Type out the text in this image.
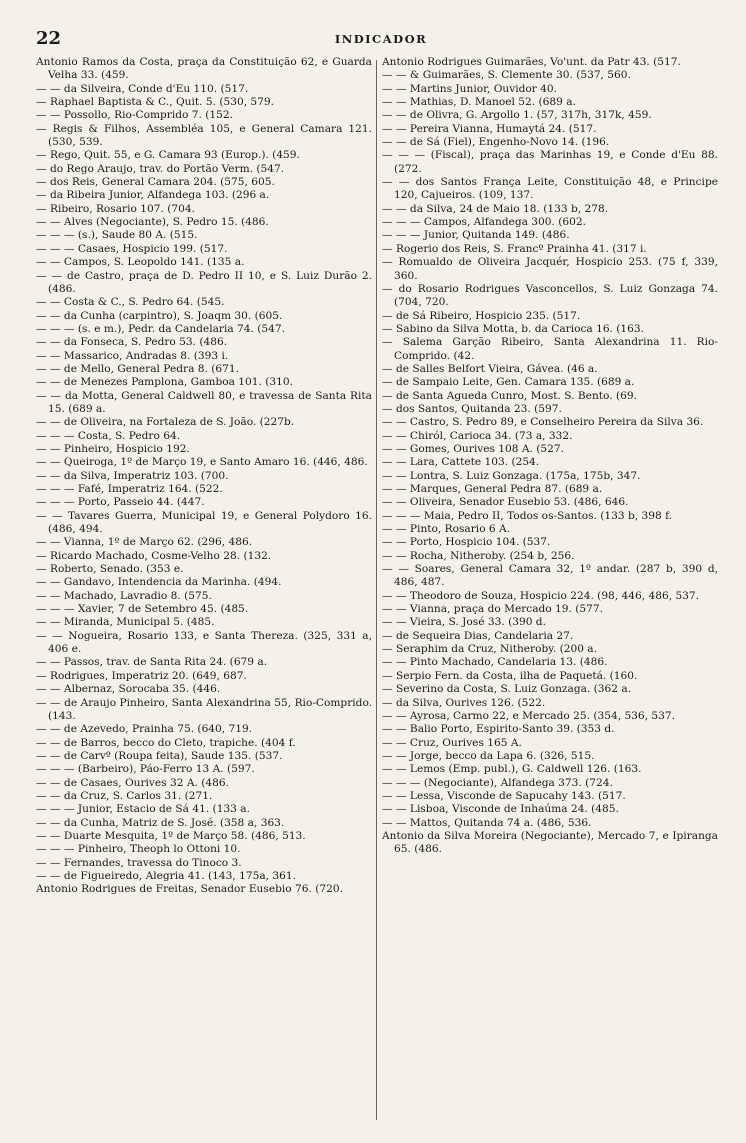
22	INDICADOR

Antonio Ramos da Costa, praça da Constituição 62, e Guarda Velha 33. (459.

— — da Silveira, Conde d'Eu 110. (517.

— Raphael Baptista & C., Quit. 5. (530, 579.

— — Possollo, Rio-Comprido 7. (152.

— Regis & Filhos, Assembléa 105, e General Camara 121. (530, 539.

— Rego, Quit. 55, e G. Camara 93 (Europ.). (459.

— do Rego Araujo, trav. do Portão Verm. (547.

— dos Reis, General Camara 204. (575, 605.

— da Ribeira Junior, Alfandega 103. (296 a.

— Ribeiro, Rosario 107. (704.

— — Alves (Negociante), S. Pedro 15. (486.

— — — (s.), Saude 80 A. (515.

— — — Casaes, Hospicio 199. (517.

— — Campos, S. Leopoldo 141. (135 a.

— — de Castro, praça de D. Pedro II 10, e S. Luiz Durão 2. (486.

— — Costa & C., S. Pedro 64. (545.

— — da Cunha (carpintro), S. Joaqm 30. (605.

— — — (s. e m.), Pedr. da Candelaria 74. (547.

— — da Fonseca, S. Pedro 53. (486.

— — Massarico, Andradas 8. (393 i.

— — de Mello, General Pedra 8. (671.

— — de Menezes Pamplona, Gamboa 101. (310.

— — da Motta, General Caldwell 80, e travessa de Santa Rita 15. (689 a.

— — de Oliveira, na Fortaleza de S. João. (227b.

— — — Costa, S. Pedro 64.

— — Pinheiro, Hospicio 192.

— — Queiroga, 1º de Março 19, e Santo Amaro 16. (446, 486.

— — da Silva, Imperatriz 103. (700.

— — — Fafé, Imperatriz 164. (522.

— — — Porto, Passeio 44. (447.

— — Tavares Guerra, Municipal 19, e General Polydoro 16. (486, 494.

— — Vianna, 1º de Março 62. (296, 486.

— Ricardo Machado, Cosme-Velho 28. (132.

— Roberto, Senado. (353 e.

— — Gandavo, Intendencia da Marinha. (494.

— — Machado, Lavradio 8. (575.

— — — Xavier, 7 de Setembro 45. (485.

— — Miranda, Municipal 5. (485.

— — Nogueira, Rosario 133, e Santa Thereza. (325, 331 a, 406 e.

— — Passos, trav. de Santa Rita 24. (679 a.

— Rodrigues, Imperatriz 20. (649, 687.

— — Albernaz, Sorocaba 35. (446.

— — de Araujo Pinheiro, Santa Alexandrina 55, Rio-Comprido. (143.

— — de Azevedo, Prainha 75. (640, 719.

— — de Barros, becco do Cleto, trapiche. (404 f.

— — de Carvº (Roupa feita), Saude 135. (537.

— — — (Barbeiro), Páo-Ferro 13 A. (597.

— — de Casaes, Ourives 32 A. (486.

— — da Cruz, S. Carlos 31. (271.

— — — Junior, Estacio de Sá 41. (133 a.

— — da Cunha, Matriz de S. José. (358 a, 363.

— — Duarte Mesquita, 1º de Março 58. (486, 513.

— — — Pinheiro, Theoph lo Ottoni 10.

— — Fernandes, travessa do Tinoco 3.

— — de Figueiredo, Alegria 41. (143, 175a, 361.

Antonio Rodrigues de Freitas, Senador Eusebio 76. (720.

Antonio Rodrigues Guimarães, Vo'unt. da Patr 43. (517.

— — & Guimarães, S. Clemente 30. (537, 560.

— — Martins Junior, Ouvidor 40.

— — Mathias, D. Manoel 52. (689 a.

— — de Olivra, G. Argollo 1. (57, 317h, 317k, 459.

— — Pereira Vianna, Humaytá 24. (517.

— — de Sá (Fiel), Engenho-Novo 14. (196.

— — — (Fiscal), praça das Marinhas 19, e Conde d'Eu 88. (272.

— — dos Santos França Leite, Constituição 48, e Principe 120, Cajueiros. (109, 137.

— — da Silva, 24 de Maio 18. (133 b, 278.

— — — Campos, Alfandega 300. (602.

— — — Junior, Quitanda 149. (486.

— Rogerio dos Reis, S. Francº Prainha 41. (317 i.

— Romualdo de Oliveira Jacquér, Hospicio 253. (75 f, 339, 360.

— do Rosario Rodrigues Vasconcellos, S. Luiz Gonzaga 74. (704, 720.

— de Sá Ribeiro, Hospicio 235. (517.

— Sabino da Silva Motta, b. da Carioca 16. (163.

— Salema Garção Ribeiro, Santa Alexandrina 11. Rio-Comprido. (42.

— de Salles Belfort Vieira, Gávea. (46 a.

— de Sampaio Leite, Gen. Camara 135. (689 a.

— de Santa Agueda Cunro, Most. S. Bento. (69.

— dos Santos, Quitanda 23. (597.

— — Castro, S. Pedro 89, e Conselheiro Pereira da Silva 36.

— — Chiról, Carioca 34. (73 a, 332.

— — Gomes, Ourives 108 A. (527.

— — Lara, Cattete 103. (254.

— — Lontra, S. Luiz Gonzaga. (175a, 175b, 347.

— — Marques, General Pedra 87. (689 a.

— — Oliveira, Senador Eusebio 53. (486, 646.

— — — Maia, Pedro II, Todos os-Santos. (133 b, 398 f.

— — Pinto, Rosario 6 A.

— — Porto, Hospicio 104. (537.

— — Rocha, Nitheroby. (254 b, 256.

— — Soares, General Camara 32, 1º andar. (287 b, 390 d, 486, 487.

— — Theodoro de Souza, Hospicio 224. (98, 446, 486, 537.

— — Vianna, praça do Mercado 19. (577.

— — Vieira, S. José 33. (390 d.

— de Sequeira Dias, Candelaria 27.

— Seraphim da Cruz, Nitheroby. (200 a.

— — Pinto Machado, Candelaria 13. (486.

— Serpio Fern. da Costa, ilha de Paquetá. (160.

— Severino da Costa, S. Luiz Gonzaga. (362 a.

— da Silva, Ourives 126. (522.

— — Ayrosa, Carmo 22, e Mercado 25. (354, 536, 537.

— — Balio Porto, Espirito-Santo 39. (353 d.

— — Cruz, Ourives 165 A.

— — Jorge, becco da Lapa 6. (326, 515.

— — Lemos (Emp. publ.), G. Caldwell 126. (163.

— — — (Negociante), Alfandega 373. (724.

— — Lessa, Visconde de Sapucahy 143. (517.

— — Lisboa, Visconde de Inhaúma 24. (485.

— — Mattos, Quitanda 74 a. (486, 536.

Antonio da Silva Moreira (Negociante), Mercado 7, e Ipiranga 65. (486.
